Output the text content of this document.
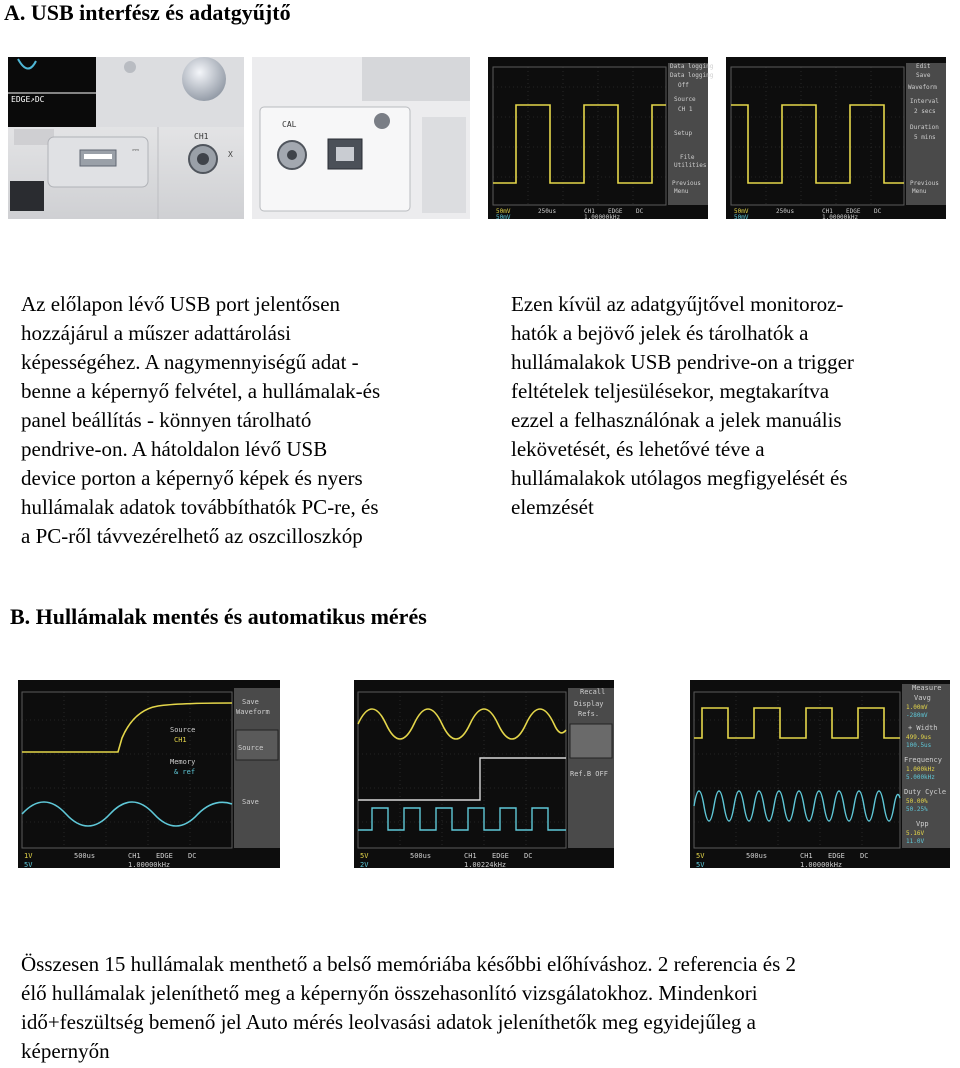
A. USB interfész és adatgyűjtő
EDGE ↗DC
⎓
CH1
X
CAL
Data logging
Data logging
Off
Source
CH 1
Setup
File
Utilities
Previous
Menu
50mV	250us	CH1 EDGE DC
50mV	1.00000kHz
Edit
Save
Waveform
Interval
2 secs
Duration
5 mins
Previous
Menu
50mV	250us	CH1 EDGE DC
50mV	1.00000kHz
Az előlapon lévő USB port jelentősen
hozzájárul a műszer adattárolási
képességéhez. A nagymennyiségű adat -
benne a képernyő felvétel, a hullámalak-és
panel beállítás - könnyen tárolható
pendrive-on. A hátoldalon lévő USB
device porton a képernyő képek és nyers
hullámalak adatok továbbíthatók PC-re, és
a PC-ről távvezérelhető az oszcilloszkóp
Ezen kívül az adatgyűjtővel monitoroz-
hatók a bejövő jelek és tárolhatók a
hullámalakok USB pendrive-on a trigger
feltételek teljesülésekor, megtakarítva
ezzel a felhasználónak a jelek manuális
lekövetését, és lehetővé téve a
hullámalakok utólagos megfigyelését és
elemzését
B. Hullámalak mentés és automatikus mérés
Source
CH1
Memory
& ref
Save
Waveform
Source
Save
1V	500us	CH1 EDGE DC
5V	1.00000kHz
Recall
Display
Refs.
Ref.B OFF
5V	500us	CH1 EDGE DC
2V	1.00224kHz
Measure
Vavg
1.00mV
-280mV
+ Width
499.9us
100.5us
Frequency
1.000kHz
5.000kHz
Duty Cycle
50.00%
50.25%
Vpp
5.16V
11.0V
5V	500us	CH1 EDGE DC
5V	1.00000kHz
Összesen 15 hullámalak menthető a belső memóriába későbbi előhíváshoz. 2 referencia és 2
élő hullámalak jeleníthető meg a képernyőn összehasonlító vizsgálatokhoz. Mindenkori
idő+feszültség bemenő jel Auto mérés leolvasási adatok jeleníthetők meg egyidejűleg a
képernyőn
